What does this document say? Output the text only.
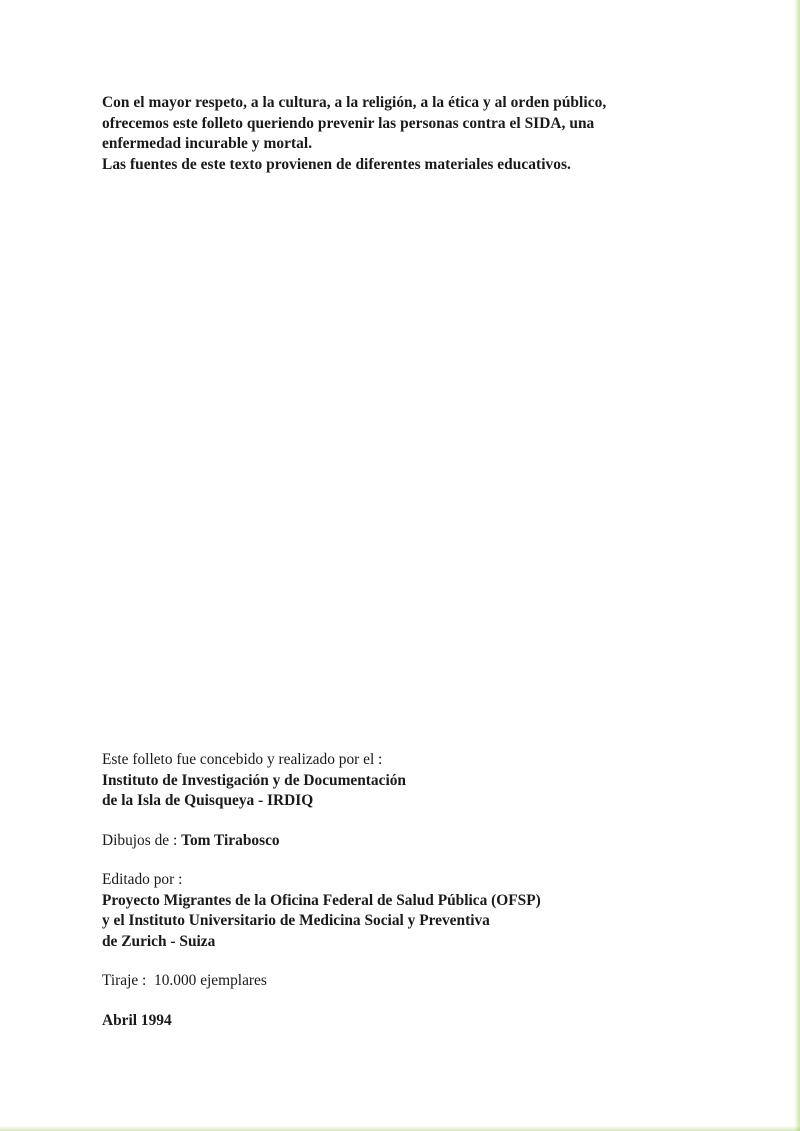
Con el mayor respeto, a la cultura, a la religión, a la ética y al orden público,
ofrecemos este folleto queriendo prevenir las personas contra el SIDA, una
enfermedad incurable y mortal.
Las fuentes de este texto provienen de diferentes materiales educativos.
Este folleto fue concebido y realizado por el :
Instituto de Investigación y de Documentación
de la Isla de Quisqueya - IRDIQ
Dibujos de : Tom Tirabosco
Editado por :
Proyecto Migrantes de la Oficina Federal de Salud Pública (OFSP)
y el Instituto Universitario de Medicina Social y Preventiva
de Zurich - Suiza
Tiraje :  10.000 ejemplares
Abril 1994
